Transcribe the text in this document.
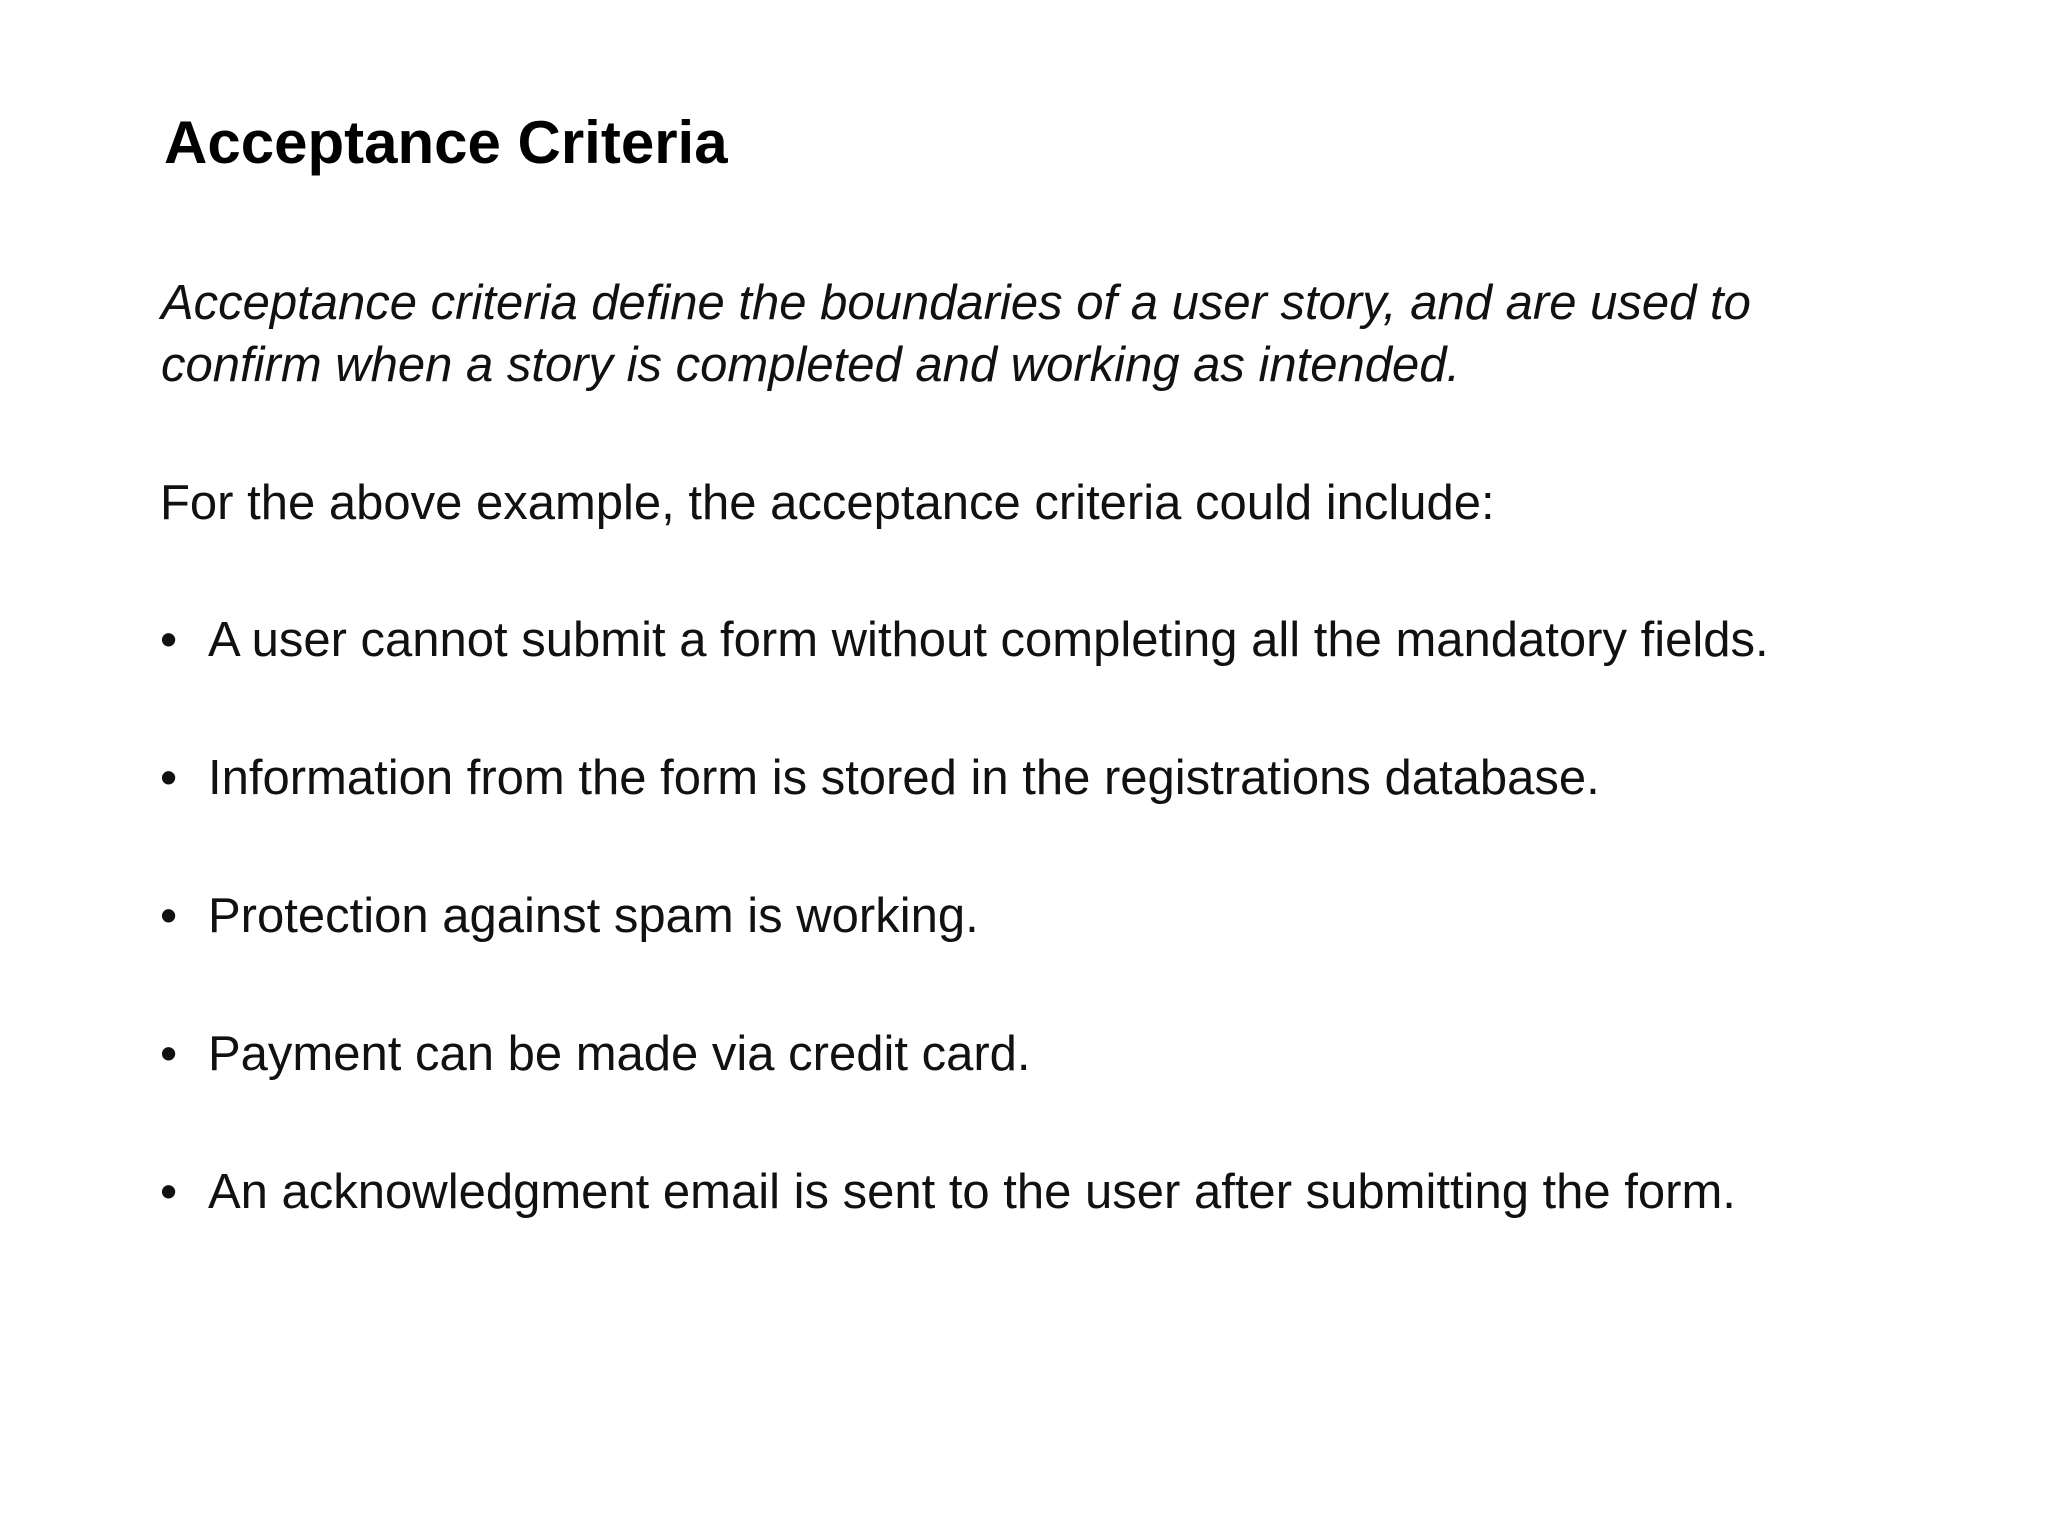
Acceptance Criteria

Acceptance criteria define the boundaries of a user story, and are used to confirm when a story is completed and working as intended.

For the above example, the acceptance criteria could include:

• A user cannot submit a form without completing all the mandatory fields.
• Information from the form is stored in the registrations database.
• Protection against spam is working.
• Payment can be made via credit card.
• An acknowledgment email is sent to the user after submitting the form.
